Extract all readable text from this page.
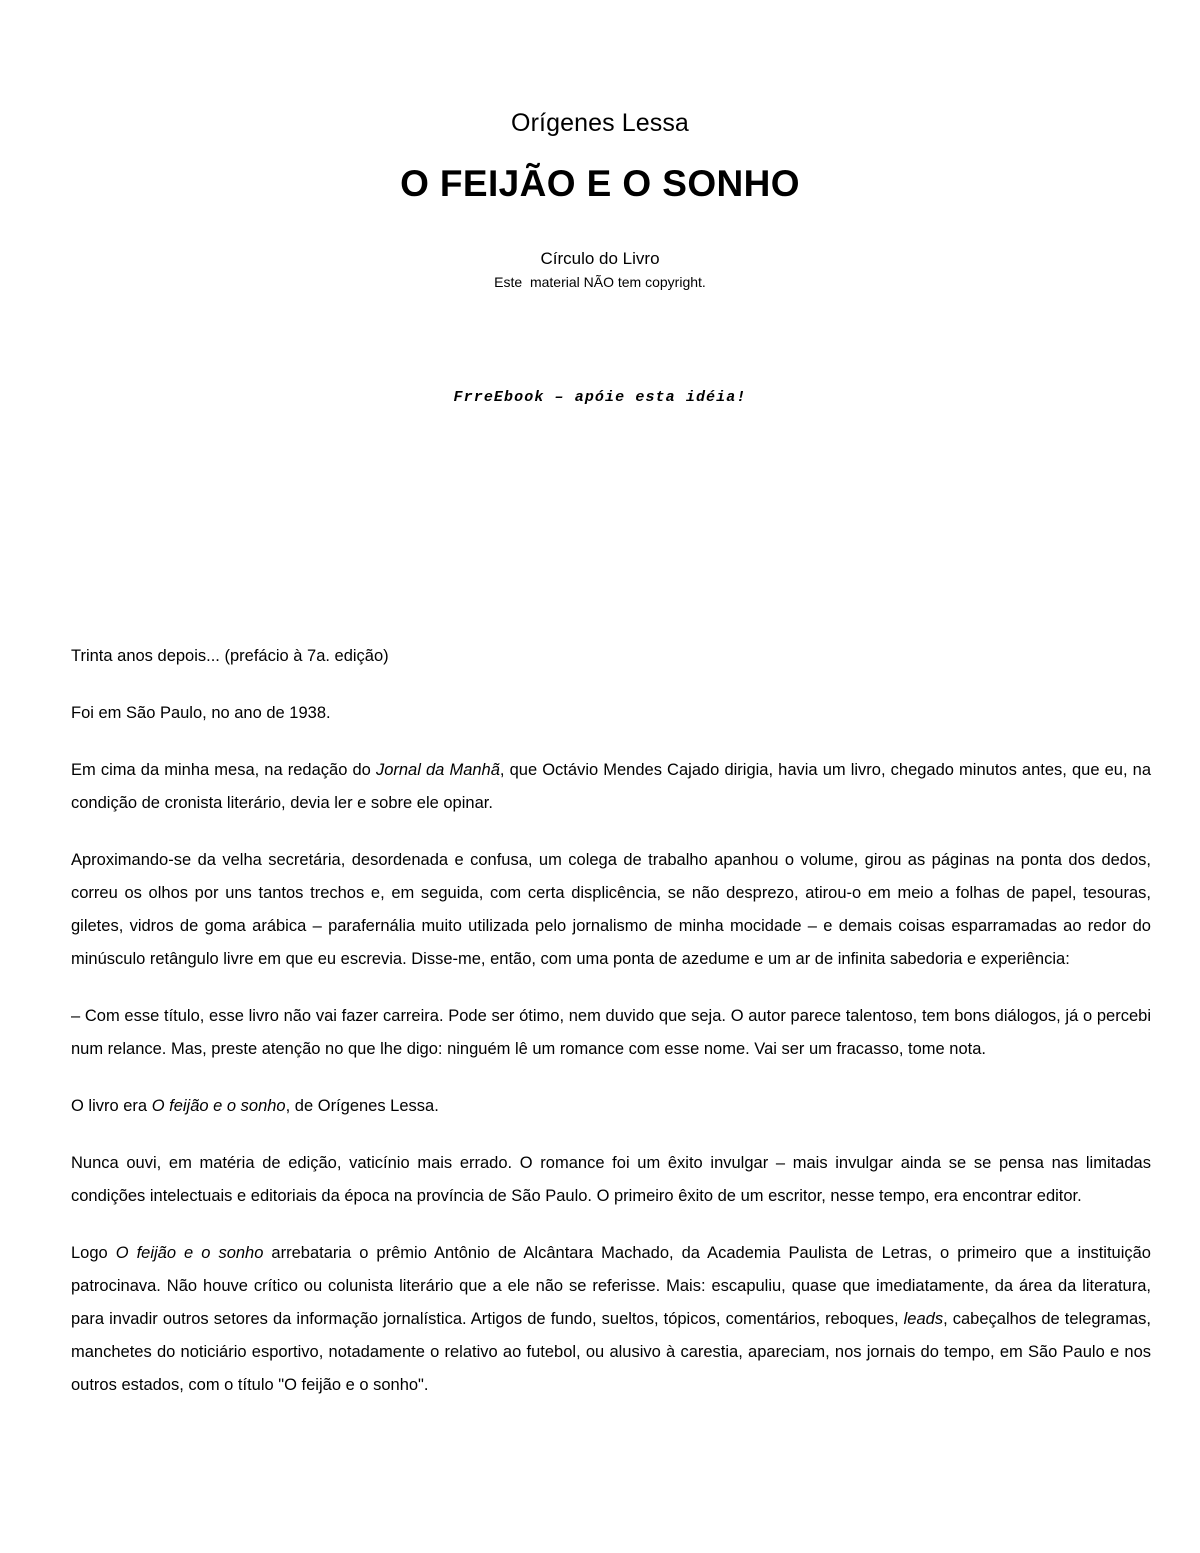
Orígenes Lessa
O FEIJÃO E O SONHO
Círculo do Livro
Este  material NÃO tem copyright.
FrreEbook – apóie esta idéia!

Trinta anos depois... (prefácio à 7a. edição)

Foi em São Paulo, no ano de 1938.

Em cima da minha mesa, na redação do Jornal da Manhã, que Octávio Mendes Cajado dirigia, havia um livro, chegado minutos antes, que eu, na condição de cronista literário, devia ler e sobre ele opinar.

Aproximando-se da velha secretária, desordenada e confusa, um colega de trabalho apanhou o volume, girou as páginas na ponta dos dedos, correu os olhos por uns tantos trechos e, em seguida, com certa displicência, se não desprezo, atirou-o em meio a folhas de papel, tesouras, giletes, vidros de goma arábica – parafernália muito utilizada pelo jornalismo de minha mocidade – e demais coisas esparramadas ao redor do minúsculo retângulo livre em que eu escrevia. Disse-me, então, com uma ponta de azedume e um ar de infinita sabedoria e experiência:

– Com esse título, esse livro não vai fazer carreira. Pode ser ótimo, nem duvido que seja. O autor parece talentoso, tem bons diálogos, já o percebi num relance. Mas, preste atenção no que lhe digo: ninguém lê um romance com esse nome. Vai ser um fracasso, tome nota.

O livro era O feijão e o sonho, de Orígenes Lessa.

Nunca ouvi, em matéria de edição, vaticínio mais errado. O romance foi um êxito invulgar – mais invulgar ainda se se pensa nas limitadas condições intelectuais e editoriais da época na província de São Paulo. O primeiro êxito de um escritor, nesse tempo, era encontrar editor.

Logo O feijão e o sonho arrebataria o prêmio Antônio de Alcântara Machado, da Academia Paulista de Letras, o primeiro que a instituição patrocinava. Não houve crítico ou colunista literário que a ele não se referisse. Mais: escapuliu, quase que imediatamente, da área da literatura, para invadir outros setores da informação jornalística. Artigos de fundo, sueltos, tópicos, comentários, reboques, leads, cabeçalhos de telegramas, manchetes do noticiário esportivo, notadamente o relativo ao futebol, ou alusivo à carestia, apareciam, nos jornais do tempo, em São Paulo e nos outros estados, com o título "O feijão e o sonho".
